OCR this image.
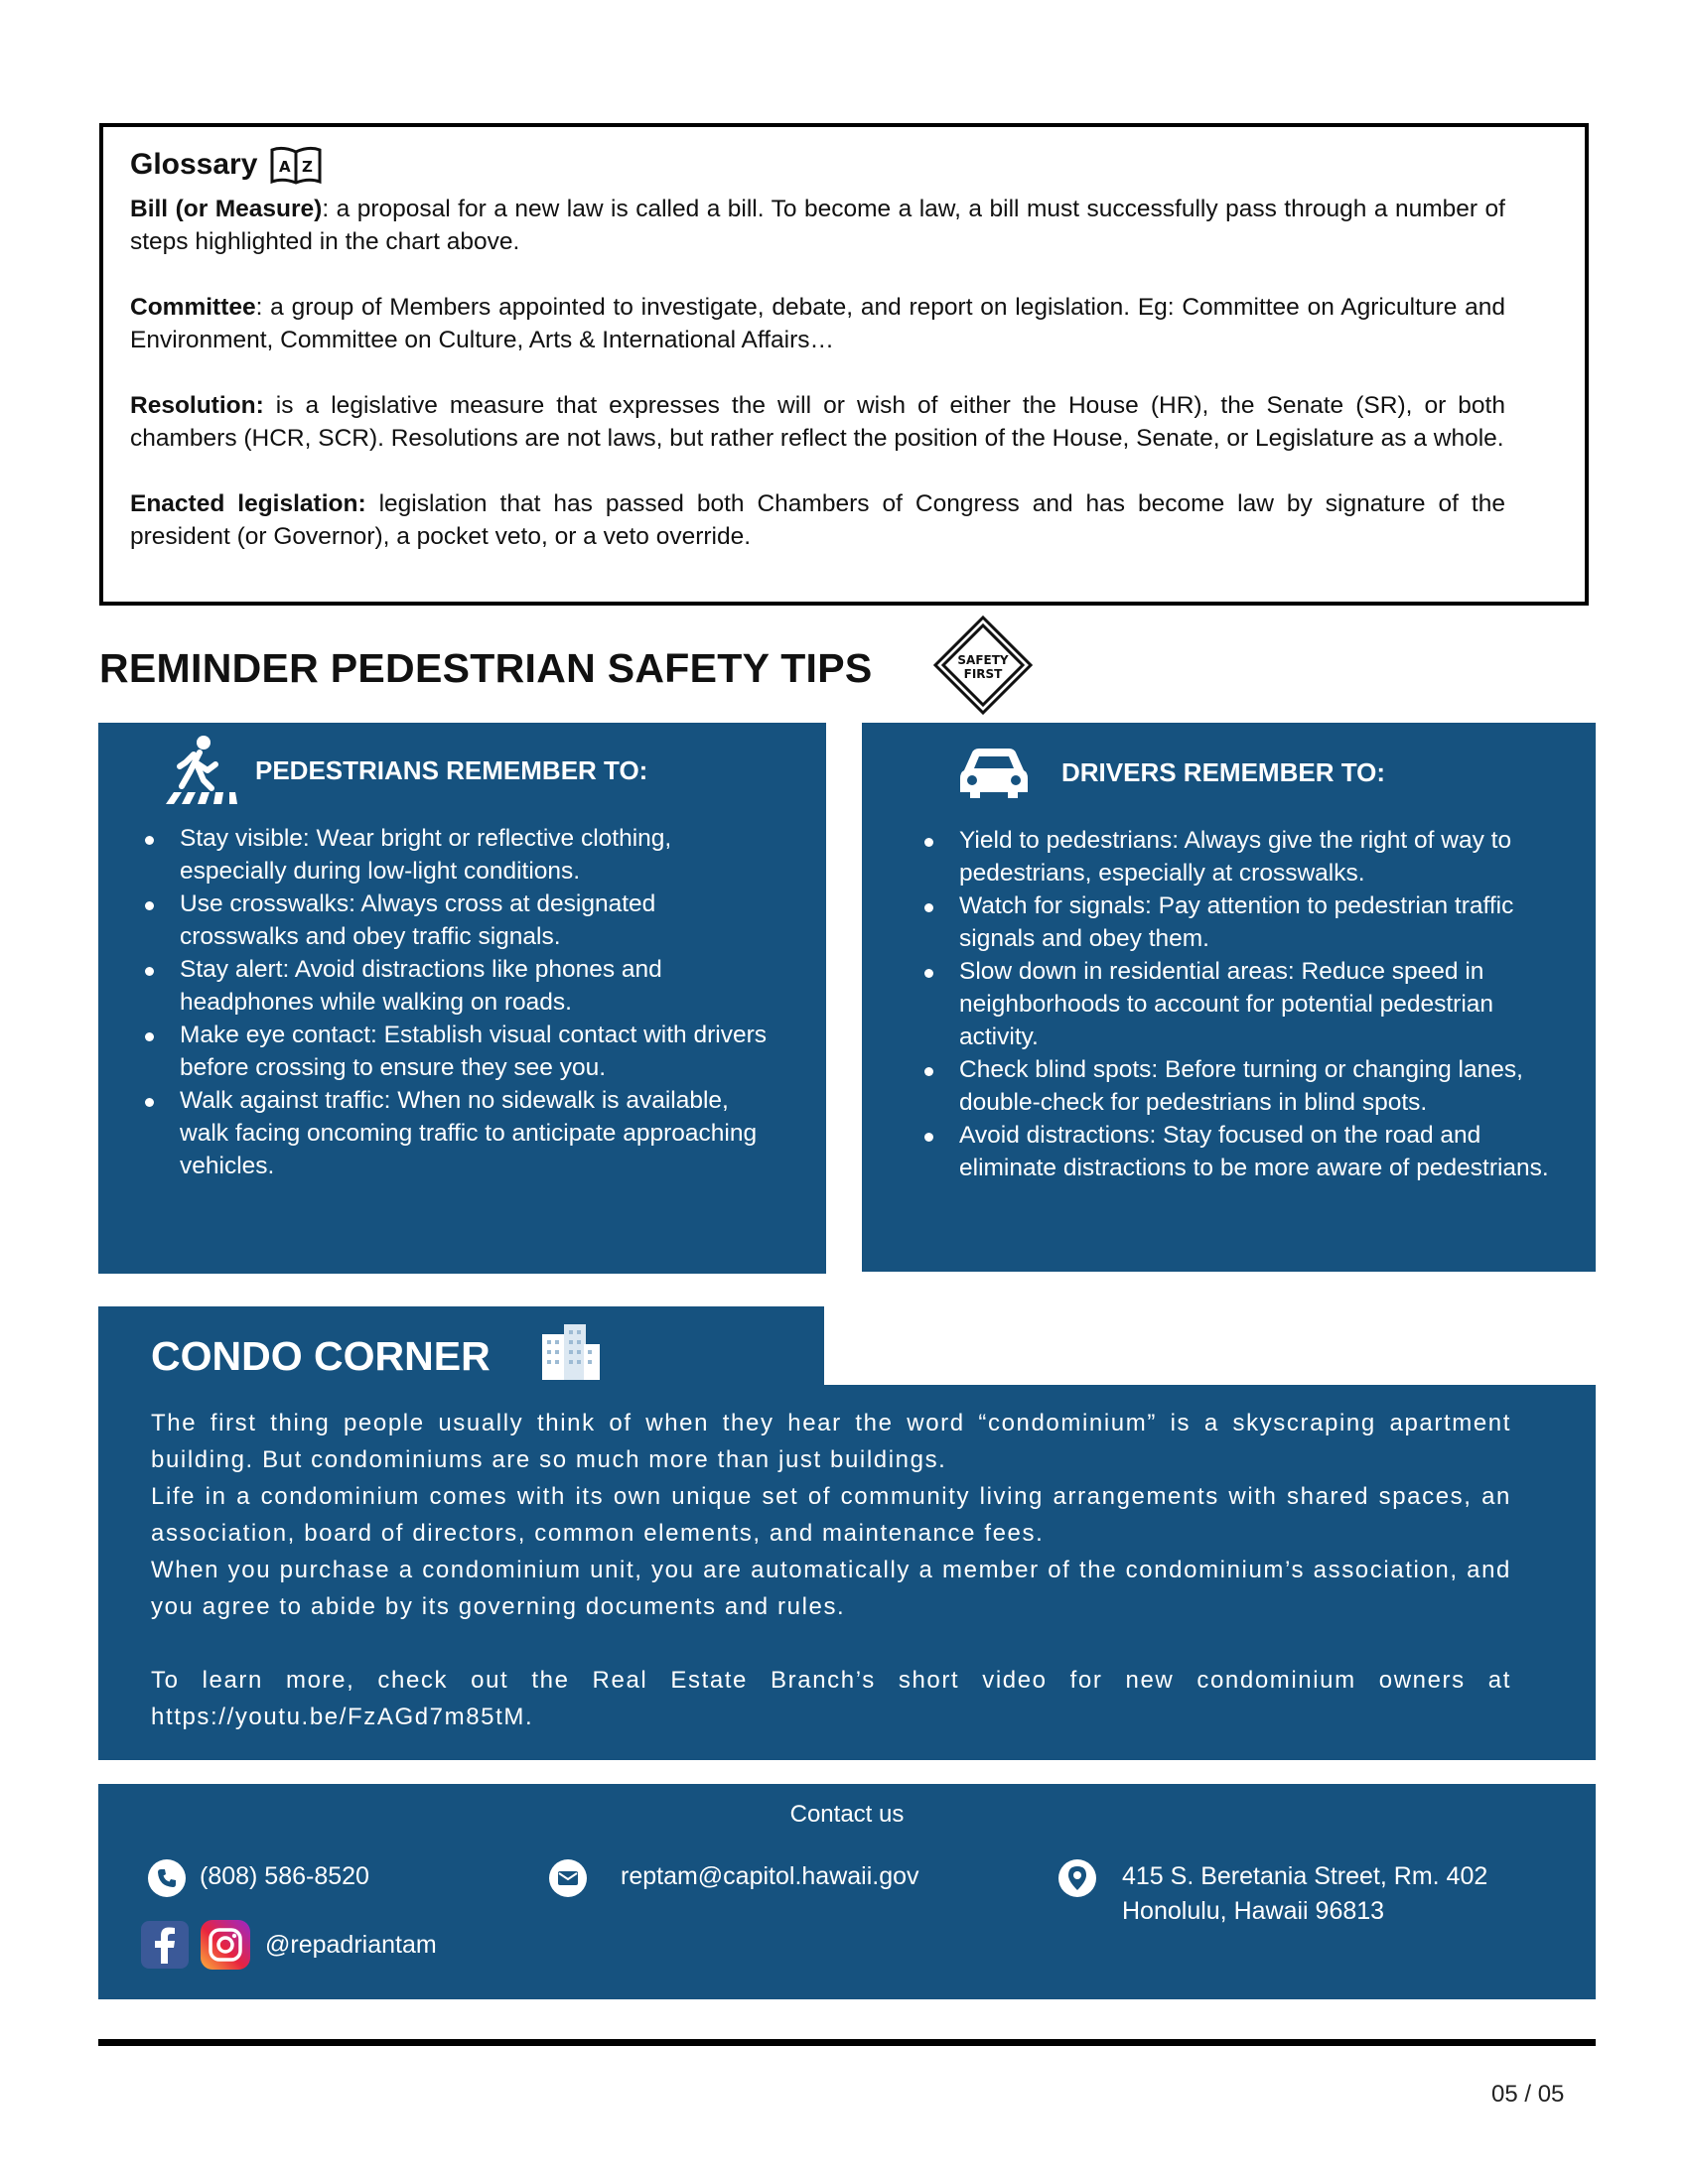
Glossary A Z

Bill (or Measure): a proposal for a new law is called a bill. To become a law, a bill must successfully pass through a number of steps highlighted in the chart above.

Committee: a group of Members appointed to investigate, debate, and report on legislation. Eg: Committee on Agriculture and Environment, Committee on Culture, Arts & International Affairs…

Resolution: is a legislative measure that expresses the will or wish of either the House (HR), the Senate (SR), or both chambers (HCR, SCR). Resolutions are not laws, but rather reflect the position of the House, Senate, or Legislature as a whole.

Enacted legislation: legislation that has passed both Chambers of Congress and has become law by signature of the president (or Governor), a pocket veto, or a veto override.

REMINDER PEDESTRIAN SAFETY TIPS	SAFETY
FIRST
PEDESTRIANS REMEMBER TO:
Stay visible: Wear bright or reflective clothing, especially during low-light conditions.
Use crosswalks: Always cross at designated crosswalks and obey traffic signals.
Stay alert: Avoid distractions like phones and headphones while walking on roads.
Make eye contact: Establish visual contact with drivers before crossing to ensure they see you.
Walk against traffic: When no sidewalk is available, walk facing oncoming traffic to anticipate approaching vehicles.
DRIVERS REMEMBER TO:
Yield to pedestrians: Always give the right of way to pedestrians, especially at crosswalks.
Watch for signals: Pay attention to pedestrian traffic signals and obey them.
Slow down in residential areas: Reduce speed in neighborhoods to account for potential pedestrian activity.
Check blind spots: Before turning or changing lanes, double-check for pedestrians in blind spots.
Avoid distractions: Stay focused on the road and eliminate distractions to be more aware of pedestrians.
CONDO CORNER

The first thing people usually think of when they hear the word “condominium” is a skyscraping apartment building. But condominiums are so much more than just buildings.

Life in a condominium comes with its own unique set of community living arrangements with shared spaces, an association, board of directors, common elements, and maintenance fees.

When you purchase a condominium unit, you are automatically a member of the condominium’s association, and you agree to abide by its governing documents and rules.

To learn more, check out the Real Estate Branch’s short video for new condominium owners at https://youtu.be/FzAGd7m85tM.

Contact us
(808) 586-8520	reptam@capitol.hawaii.gov	415 S. Beretania Street, Rm. 402
Honolulu, Hawaii 96813
@repadriantam
05 / 05
